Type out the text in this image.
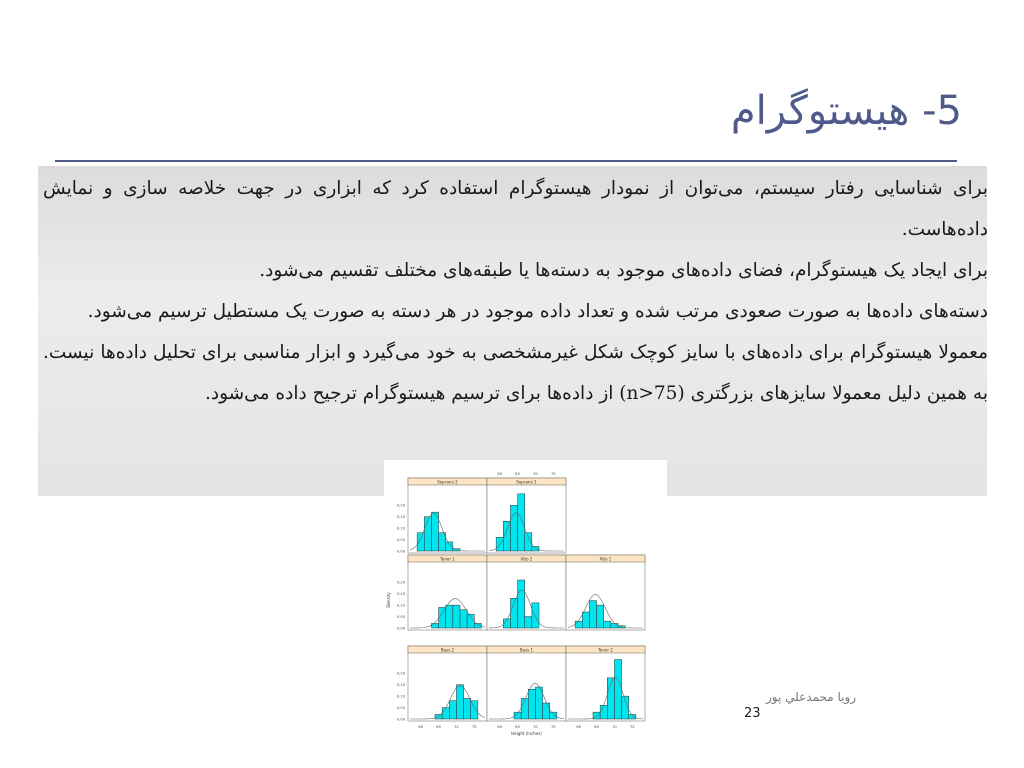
5- هیستوگرام

برای شناسایی رفتار سیستم، می‌توان از نمودار هیستوگرام استفاده کرد که ابزاری در جهت خلاصه سازی و نمایش داده‌هاست.

برای ایجاد یک هیستوگرام، فضای داده‌های موجود به دسته‌ها یا طبقه‌های مختلف تقسیم می‌شود.

دسته‌های داده‌ها به صورت صعودی مرتب شده و تعداد داده موجود در هر دسته به صورت یک مستطیل ترسیم می‌شود.

معمولا هیستوگرام برای داده‌های با سایز کوچک شکل غیرمشخصی به خود می‌گیرد و ابزار مناسبی برای تحلیل داده‌ها نیست. به همین دلیل معمولا سایزهای بزرگتری (n>75) از داده‌ها برای ترسیم هیستوگرام ترجیح داده می‌شود.

Soprano 2	Soprano 1
Tenor 1	Alto 2	Alto 1
Bass 2	Bass 1	Tenor 2
0.00
0.05
0.10
0.15
0.20
0.00
0.05
0.10
0.15
0.20
0.00
0.05
0.10
0.15
0.20
60	65	70	75	60	65	70	75	60	65	70	75
60	65	70	75
Height (inches)
Density
رويا محمدعلي پور
23
